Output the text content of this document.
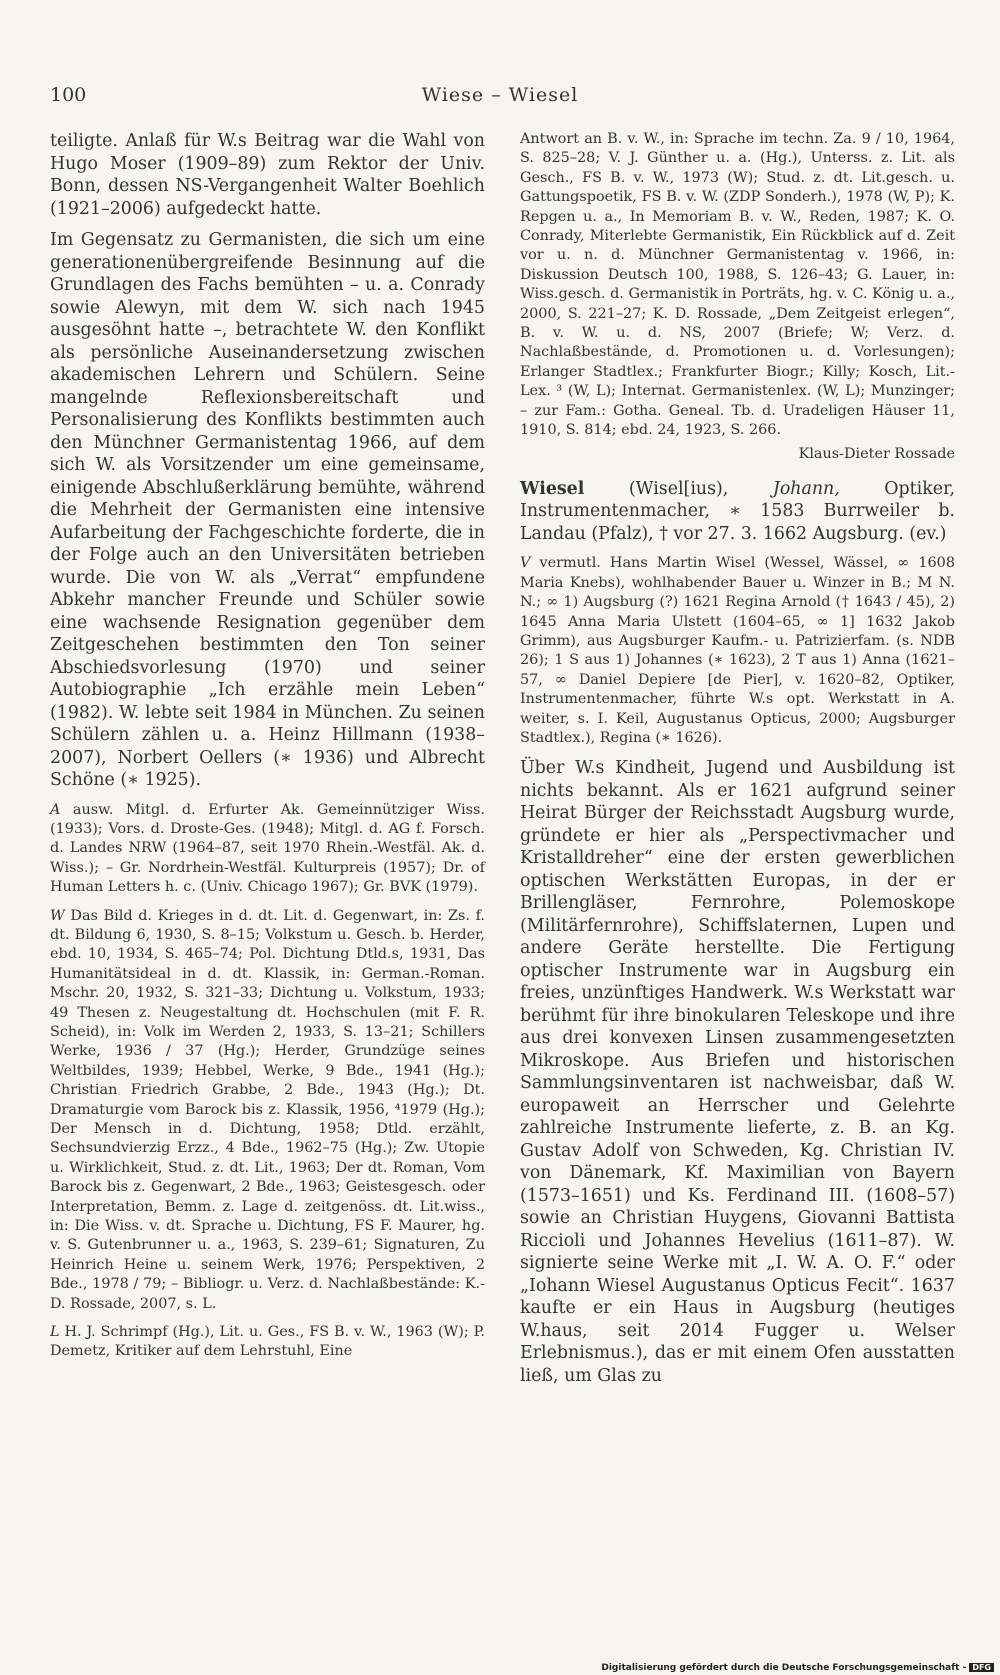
100	Wiese – Wiesel

teiligte. Anlaß für W.s Beitrag war die Wahl von Hugo Moser (1909–89) zum Rektor der Univ. Bonn, dessen NS-Vergangenheit Walter Boehlich (1921–2006) aufgedeckt hatte.

Im Gegensatz zu Germanisten, die sich um eine generationenübergreifende Besinnung auf die Grundlagen des Fachs bemühten – u. a. Conrady sowie Alewyn, mit dem W. sich nach 1945 ausgesöhnt hatte –, betrachtete W. den Konflikt als persönliche Auseinandersetzung zwischen akademischen Lehrern und Schülern. Seine mangelnde Reflexionsbereitschaft und Personalisierung des Konflikts bestimmten auch den Münchner Germanistentag 1966, auf dem sich W. als Vorsitzender um eine gemeinsame, einigende Abschlußerklärung bemühte, während die Mehrheit der Germanisten eine intensive Aufarbeitung der Fachgeschichte forderte, die in der Folge auch an den Universitäten betrieben wurde. Die von W. als „Verrat“ empfundene Abkehr mancher Freunde und Schüler sowie eine wachsende Resignation gegenüber dem Zeitgeschehen bestimmten den Ton seiner Abschiedsvorlesung (1970) und seiner Autobiographie „Ich erzähle mein Leben“ (1982). W. lebte seit 1984 in München. Zu seinen Schülern zählen u. a. Heinz Hillmann (1938–2007), Norbert Oellers (∗ 1936) und Albrecht Schöne (∗ 1925).

A ausw. Mitgl. d. Erfurter Ak. Gemeinnütziger Wiss. (1933); Vors. d. Droste-Ges. (1948); Mitgl. d. AG f. Forsch. d. Landes NRW (1964–87, seit 1970 Rhein.-Westfäl. Ak. d. Wiss.); – Gr. Nordrhein-Westfäl. Kulturpreis (1957); Dr. of Human Letters h. c. (Univ. Chicago 1967); Gr. BVK (1979).

W Das Bild d. Krieges in d. dt. Lit. d. Gegenwart, in: Zs. f. dt. Bildung 6, 1930, S. 8–15; Volkstum u. Gesch. b. Herder, ebd. 10, 1934, S. 465–74; Pol. Dichtung Dtld.s, 1931, Das Humanitätsideal in d. dt. Klassik, in: German.-Roman. Mschr. 20, 1932, S. 321–33; Dichtung u. Volkstum, 1933; 49 Thesen z. Neugestaltung dt. Hochschulen (mit F. R. Scheid), in: Volk im Werden 2, 1933, S. 13–21; Schillers Werke, 1936 / 37 (Hg.); Herder, Grundzüge seines Weltbildes, 1939; Hebbel, Werke, 9 Bde., 1941 (Hg.); Christian Friedrich Grabbe, 2 Bde., 1943 (Hg.); Dt. Dramaturgie vom Barock bis z. Klassik, 1956, ⁴1979 (Hg.); Der Mensch in d. Dichtung, 1958; Dtld. erzählt, Sechsundvierzig Erzz., 4 Bde., 1962–75 (Hg.); Zw. Utopie u. Wirklichkeit, Stud. z. dt. Lit., 1963; Der dt. Roman, Vom Barock bis z. Gegenwart, 2 Bde., 1963; Geistesgesch. oder Interpretation, Bemm. z. Lage d. zeitgenöss. dt. Lit.wiss., in: Die Wiss. v. dt. Sprache u. Dichtung, FS F. Maurer, hg. v. S. Gutenbrunner u. a., 1963, S. 239–61; Signaturen, Zu Heinrich Heine u. seinem Werk, 1976; Perspektiven, 2 Bde., 1978 / 79; – Bibliogr. u. Verz. d. Nachlaßbestände: K.-D. Rossade, 2007, s. L.

L H. J. Schrimpf (Hg.), Lit. u. Ges., FS B. v. W., 1963 (W); P. Demetz, Kritiker auf dem Lehrstuhl, Eine

Antwort an B. v. W., in: Sprache im techn. Za. 9 / 10, 1964, S. 825–28; V. J. Günther u. a. (Hg.), Unterss. z. Lit. als Gesch., FS B. v. W., 1973 (W); Stud. z. dt. Lit.gesch. u. Gattungspoetik, FS B. v. W. (ZDP Sonderh.), 1978 (W, P); K. Repgen u. a., In Memoriam B. v. W., Reden, 1987; K. O. Conrady, Miterlebte Germanistik, Ein Rückblick auf d. Zeit vor u. n. d. Münchner Germanistentag v. 1966, in: Diskussion Deutsch 100, 1988, S. 126–43; G. Lauer, in: Wiss.gesch. d. Germanistik in Porträts, hg. v. C. König u. a., 2000, S. 221–27; K. D. Rossade, „Dem Zeitgeist erlegen“, B. v. W. u. d. NS, 2007 (Briefe; W; Verz. d. Nachlaßbestände, d. Promotionen u. d. Vorlesungen); Erlanger Stadtlex.; Frankfurter Biogr.; Killy; Kosch, Lit.-Lex. ³ (W, L); Internat. Germanistenlex. (W, L); Munzinger; – zur Fam.: Gotha. Geneal. Tb. d. Uradeligen Häuser 11, 1910, S. 814; ebd. 24, 1923, S. 266.

Klaus-Dieter Rossade

Wiesel (Wisel[ius), Johann, Optiker, Instrumentenmacher, ∗ 1583 Burrweiler b. Landau (Pfalz), † vor 27. 3. 1662 Augsburg. (ev.)

V vermutl. Hans Martin Wisel (Wessel, Wässel, ∞ 1608 Maria Knebs), wohlhabender Bauer u. Winzer in B.; M N. N.; ∞ 1) Augsburg (?) 1621 Regina Arnold († 1643 / 45), 2) 1645 Anna Maria Ulstett (1604–65, ∞ 1] 1632 Jakob Grimm), aus Augsburger Kaufm.- u. Patrizierfam. (s. NDB 26); 1 S aus 1) Johannes (∗ 1623), 2 T aus 1) Anna (1621–57, ∞ Daniel Depiere [de Pier], v. 1620–82, Optiker, Instrumentenmacher, führte W.s opt. Werkstatt in A. weiter, s. I. Keil, Augustanus Opticus, 2000; Augsburger Stadtlex.), Regina (∗ 1626).

Über W.s Kindheit, Jugend und Ausbildung ist nichts bekannt. Als er 1621 aufgrund seiner Heirat Bürger der Reichsstadt Augsburg wurde, gründete er hier als „Perspectivmacher und Kristalldreher“ eine der ersten gewerblichen optischen Werkstätten Europas, in der er Brillengläser, Fernrohre, Polemoskope (Militärfernrohre), Schiffslaternen, Lupen und andere Geräte herstellte. Die Fertigung optischer Instrumente war in Augsburg ein freies, unzünftiges Handwerk. W.s Werkstatt war berühmt für ihre binokularen Teleskope und ihre aus drei konvexen Linsen zusammengesetzten Mikroskope. Aus Briefen und historischen Sammlungsinventaren ist nachweisbar, daß W. europaweit an Herrscher und Gelehrte zahlreiche Instrumente lieferte, z. B. an Kg. Gustav Adolf von Schweden, Kg. Christian IV. von Dänemark, Kf. Maximilian von Bayern (1573–1651) und Ks. Ferdinand III. (1608–57) sowie an Christian Huygens, Giovanni Battista Riccioli und Johannes Hevelius (1611–87). W. signierte seine Werke mit „I. W. A. O. F.“ oder „Iohann Wiesel Augustanus Opticus Fecit“. 1637 kaufte er ein Haus in Augsburg (heutiges W.haus, seit 2014 Fugger u. Welser Erlebnismus.), das er mit einem Ofen ausstatten ließ, um Glas zu

Digitalisierung gefördert durch die Deutsche Forschungsgemeinschaft - DFG
